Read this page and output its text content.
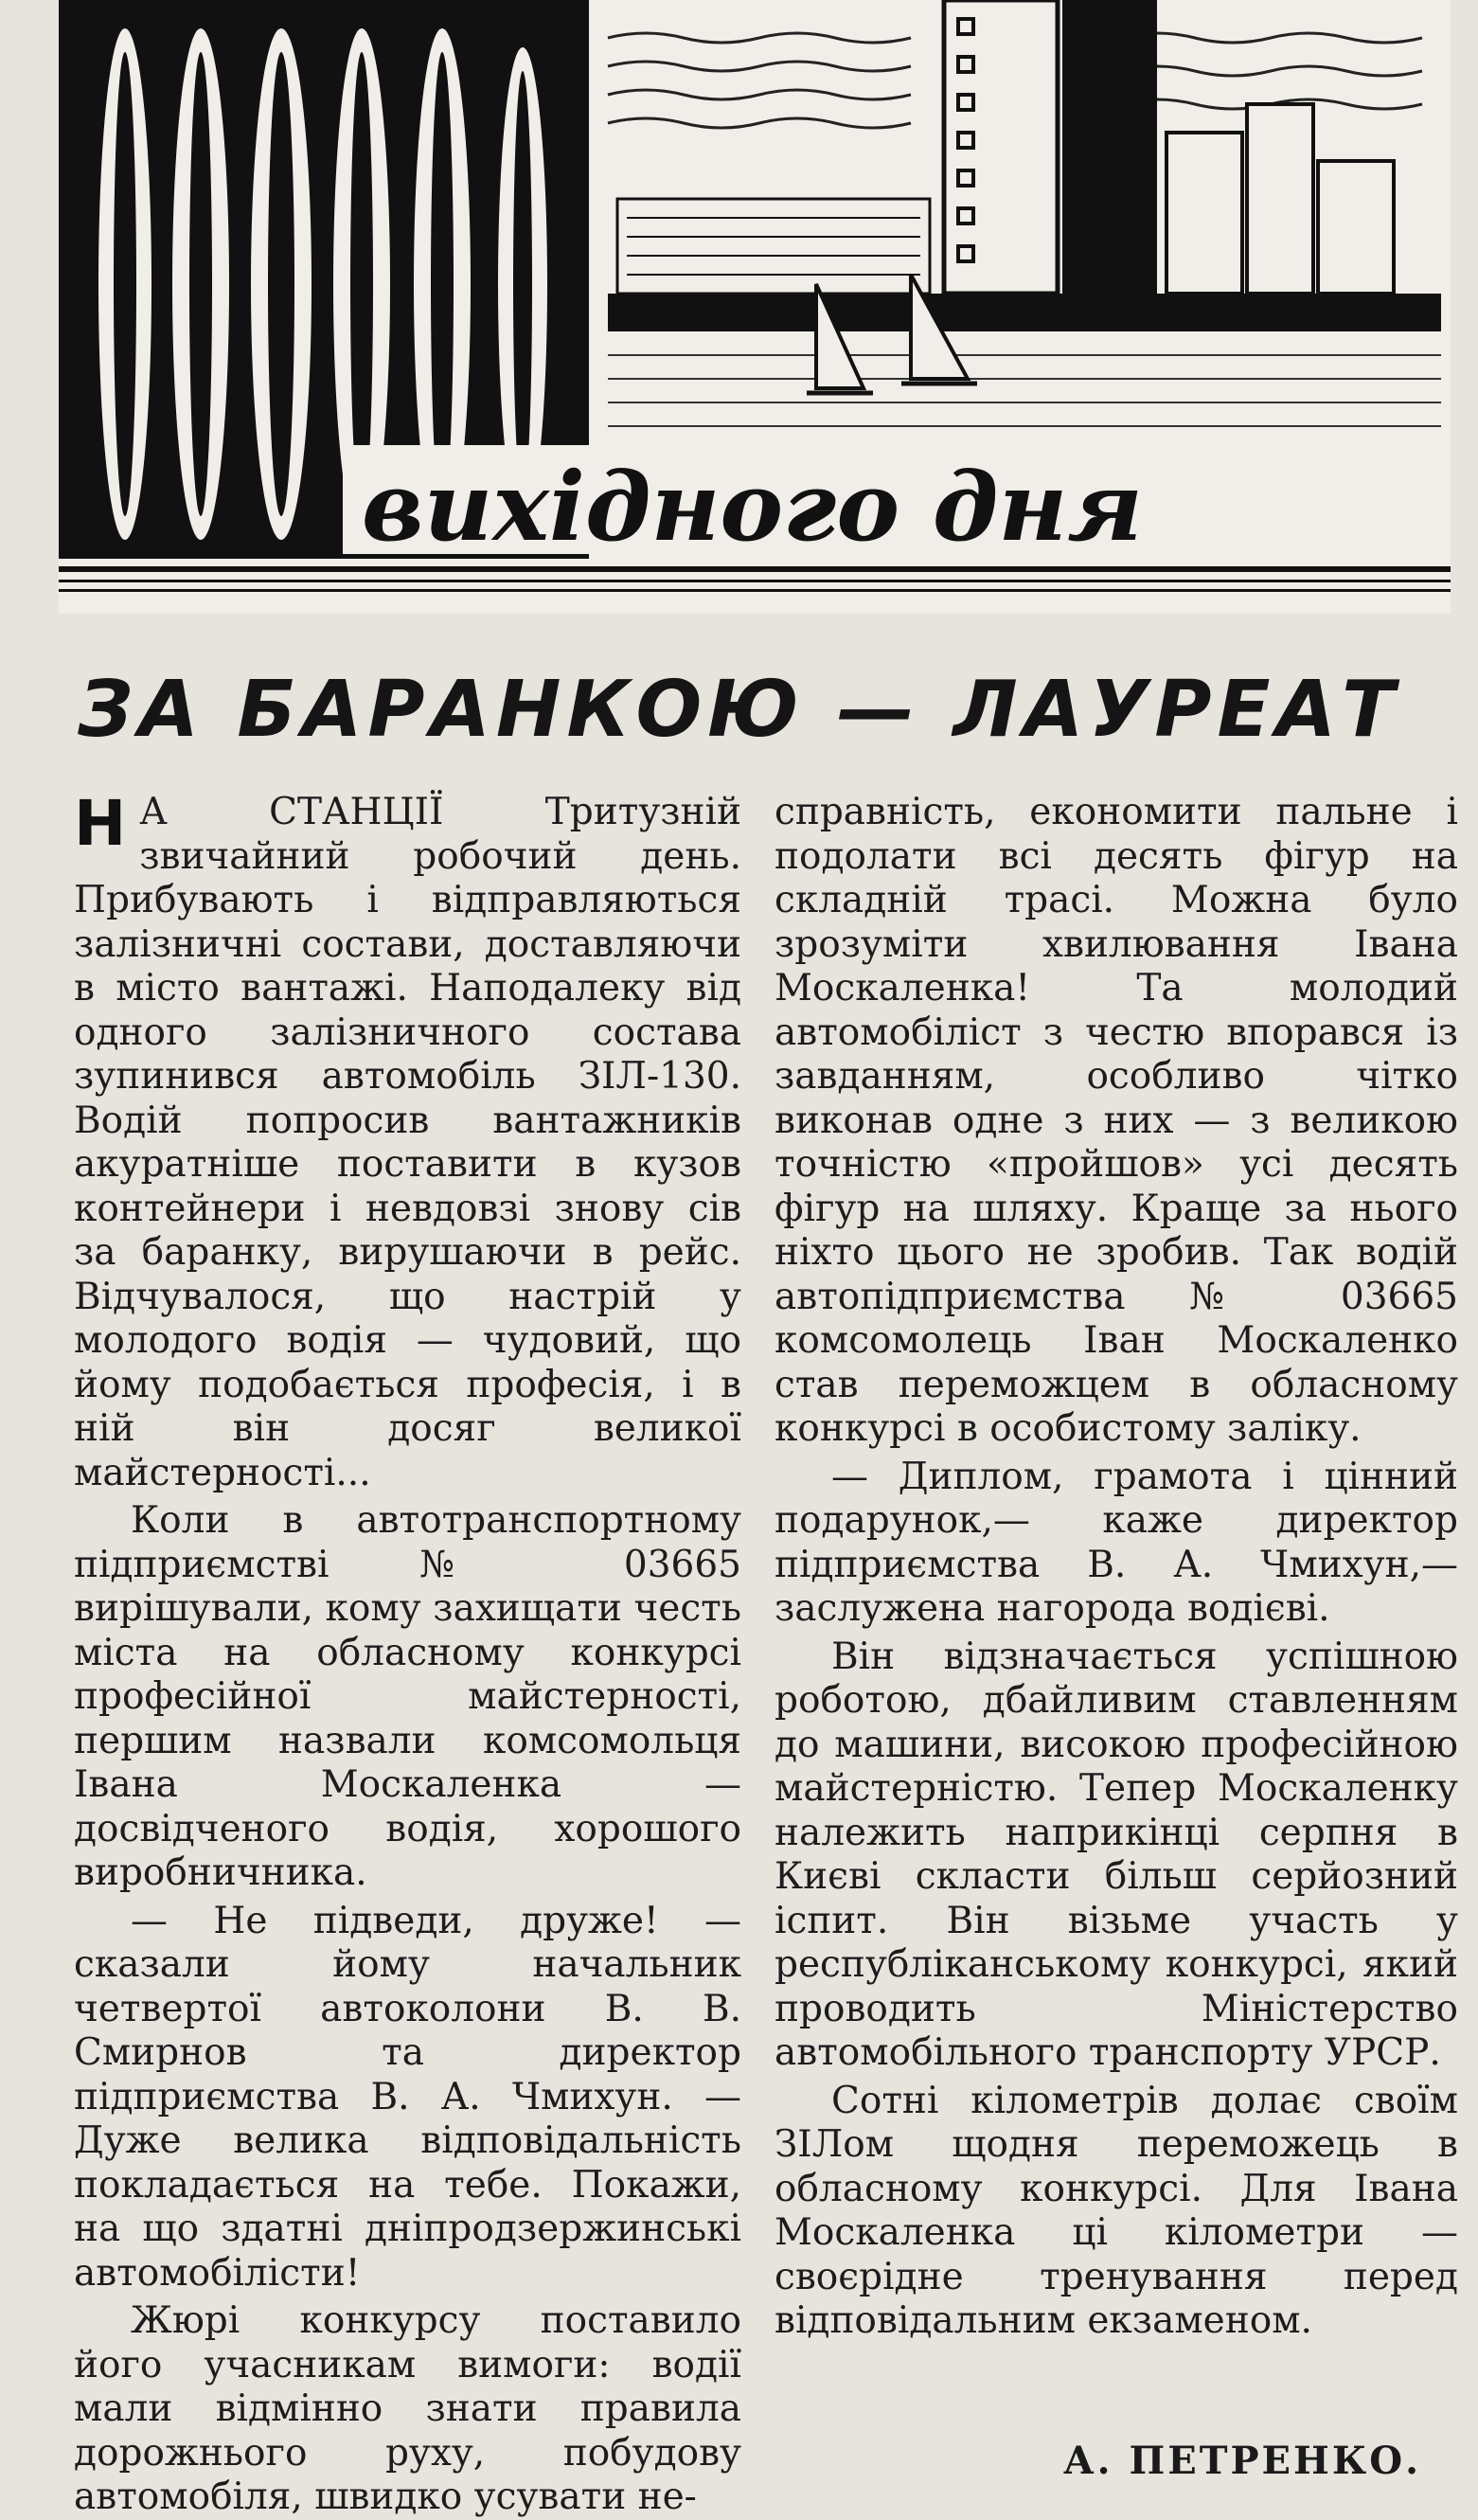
вихідного дня
ЗА БАРАНКОЮ — ЛАУРЕАТ

Н А СТАНЦІЇ Тритузній звичайний робочий день. Прибувають і відправляються залізничні состави, доставляючи в місто вантажі. Наподалеку від одного залізничного состава зупинився автомобіль ЗІЛ-130. Водій попросив вантажників акуратніше поставити в кузов контейнери і невдовзі знову сів за баранку, вирушаючи в рейс. Відчувалося, що настрій у молодого водія — чудовий, що йому подобається професія, і в ній він досяг великої майстерності...

Коли в автотранспортному підприємстві № 03665 вирішували, кому захищати честь міста на обласному конкурсі професійної майстерності, першим назвали комсомольця Івана Москаленка — досвідченого водія, хорошого виробничника.

— Не підведи, друже! — сказали йому начальник четвертої автоколони В. В. Смирнов та директор підприємства В. А. Чмихун. — Дуже велика відповідальність покладається на тебе. Покажи, на що здатні дніпродзержинські автомобілісти!

Жюрі конкурсу поставило його учасникам вимоги: водії мали відмінно знати правила дорожнього руху, побудову автомобіля, швидко усувати не-

справність, економити пальне і подолати всі десять фігур на складній трасі. Можна було зрозуміти хвилювання Івана Москаленка! Та молодий автомобіліст з честю впорався із завданням, особливо чітко виконав одне з них — з великою точністю «пройшов» усі десять фігур на шляху. Краще за нього ніхто цього не зробив. Так водій автопідприємства № 03665 комсомолець Іван Москаленко став переможцем в обласному конкурсі в особистому заліку.

— Диплом, грамота і цінний подарунок,— каже директор підприємства В. А. Чмихун,— заслужена нагорода водієві.

Він відзначається успішною роботою, дбайливим ставленням до машини, високою професійною майстерністю. Тепер Москаленку належить наприкінці серпня в Києві скласти більш серйозний іспит. Він візьме участь у республіканському конкурсі, який проводить Міністерство автомобільного транспорту УРСР.

Сотні кілометрів долає своїм ЗІЛом щодня переможець в обласному конкурсі. Для Івана Москаленка ці кілометри — своєрідне тренування перед відповідальним екзаменом.

А. ПЕТРЕНКО.
